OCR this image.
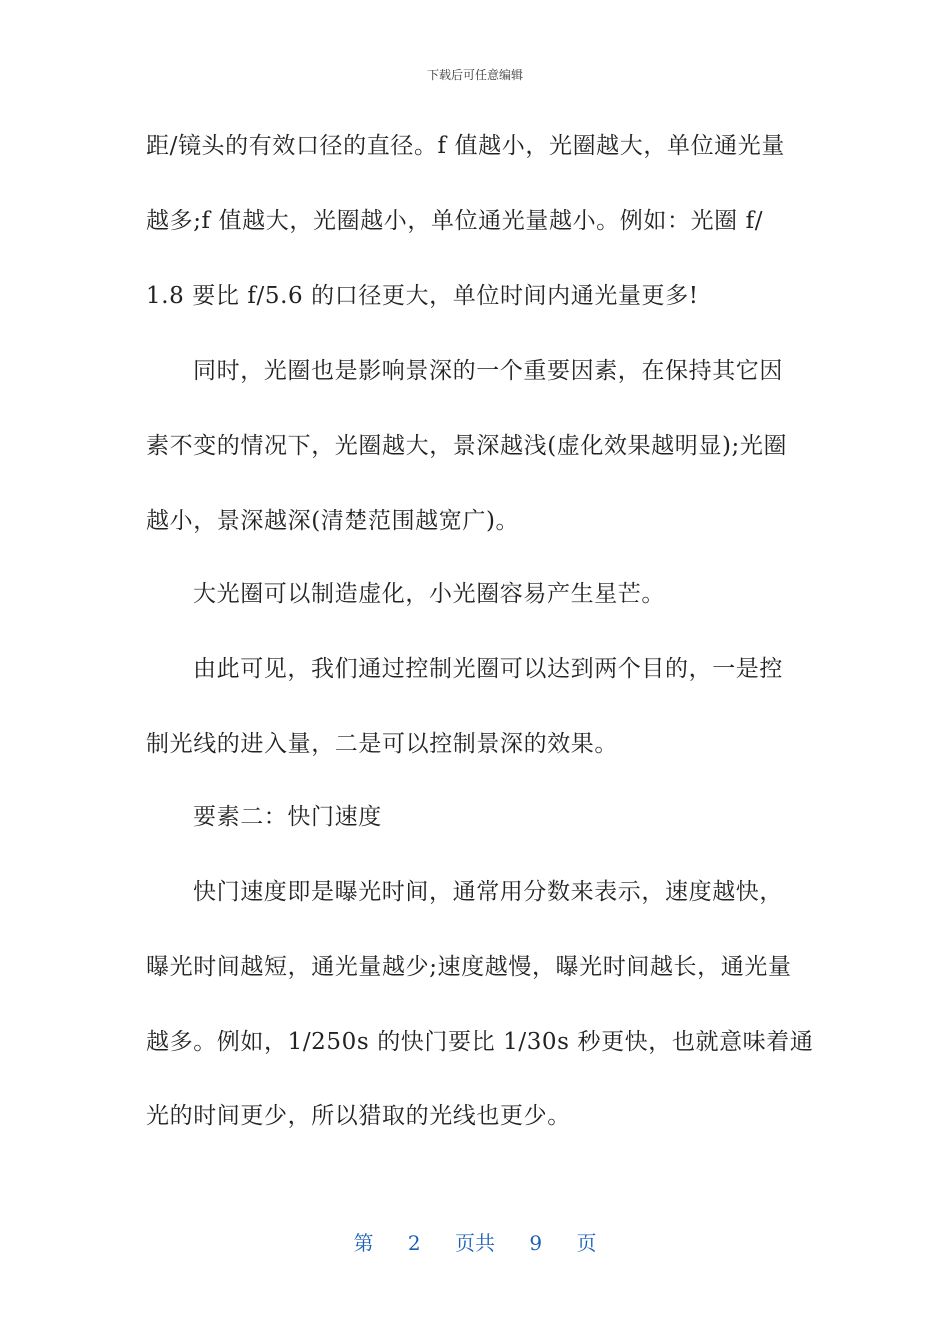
下载后可任意编辑
距/镜头的有效口径的直径。f 值越小，光圈越大，单位通光量
越多;f 值越大，光圈越小，单位通光量越小。例如：光圈 f/
1.8 要比 f/5.6 的口径更大，单位时间内通光量更多!
同时，光圈也是影响景深的一个重要因素，在保持其它因
素不变的情况下，光圈越大，景深越浅(虚化效果越明显);光圈
越小，景深越深(清楚范围越宽广)。
大光圈可以制造虚化，小光圈容易产生星芒。
由此可见，我们通过控制光圈可以达到两个目的，一是控
制光线的进入量，二是可以控制景深的效果。
要素二：快门速度
快门速度即是曝光时间，通常用分数来表示，速度越快，
曝光时间越短，通光量越少;速度越慢，曝光时间越长，通光量
越多。例如，1/250s 的快门要比 1/30s 秒更快，也就意味着通
光的时间更少，所以猎取的光线也更少。
第 2 页共 9 页
